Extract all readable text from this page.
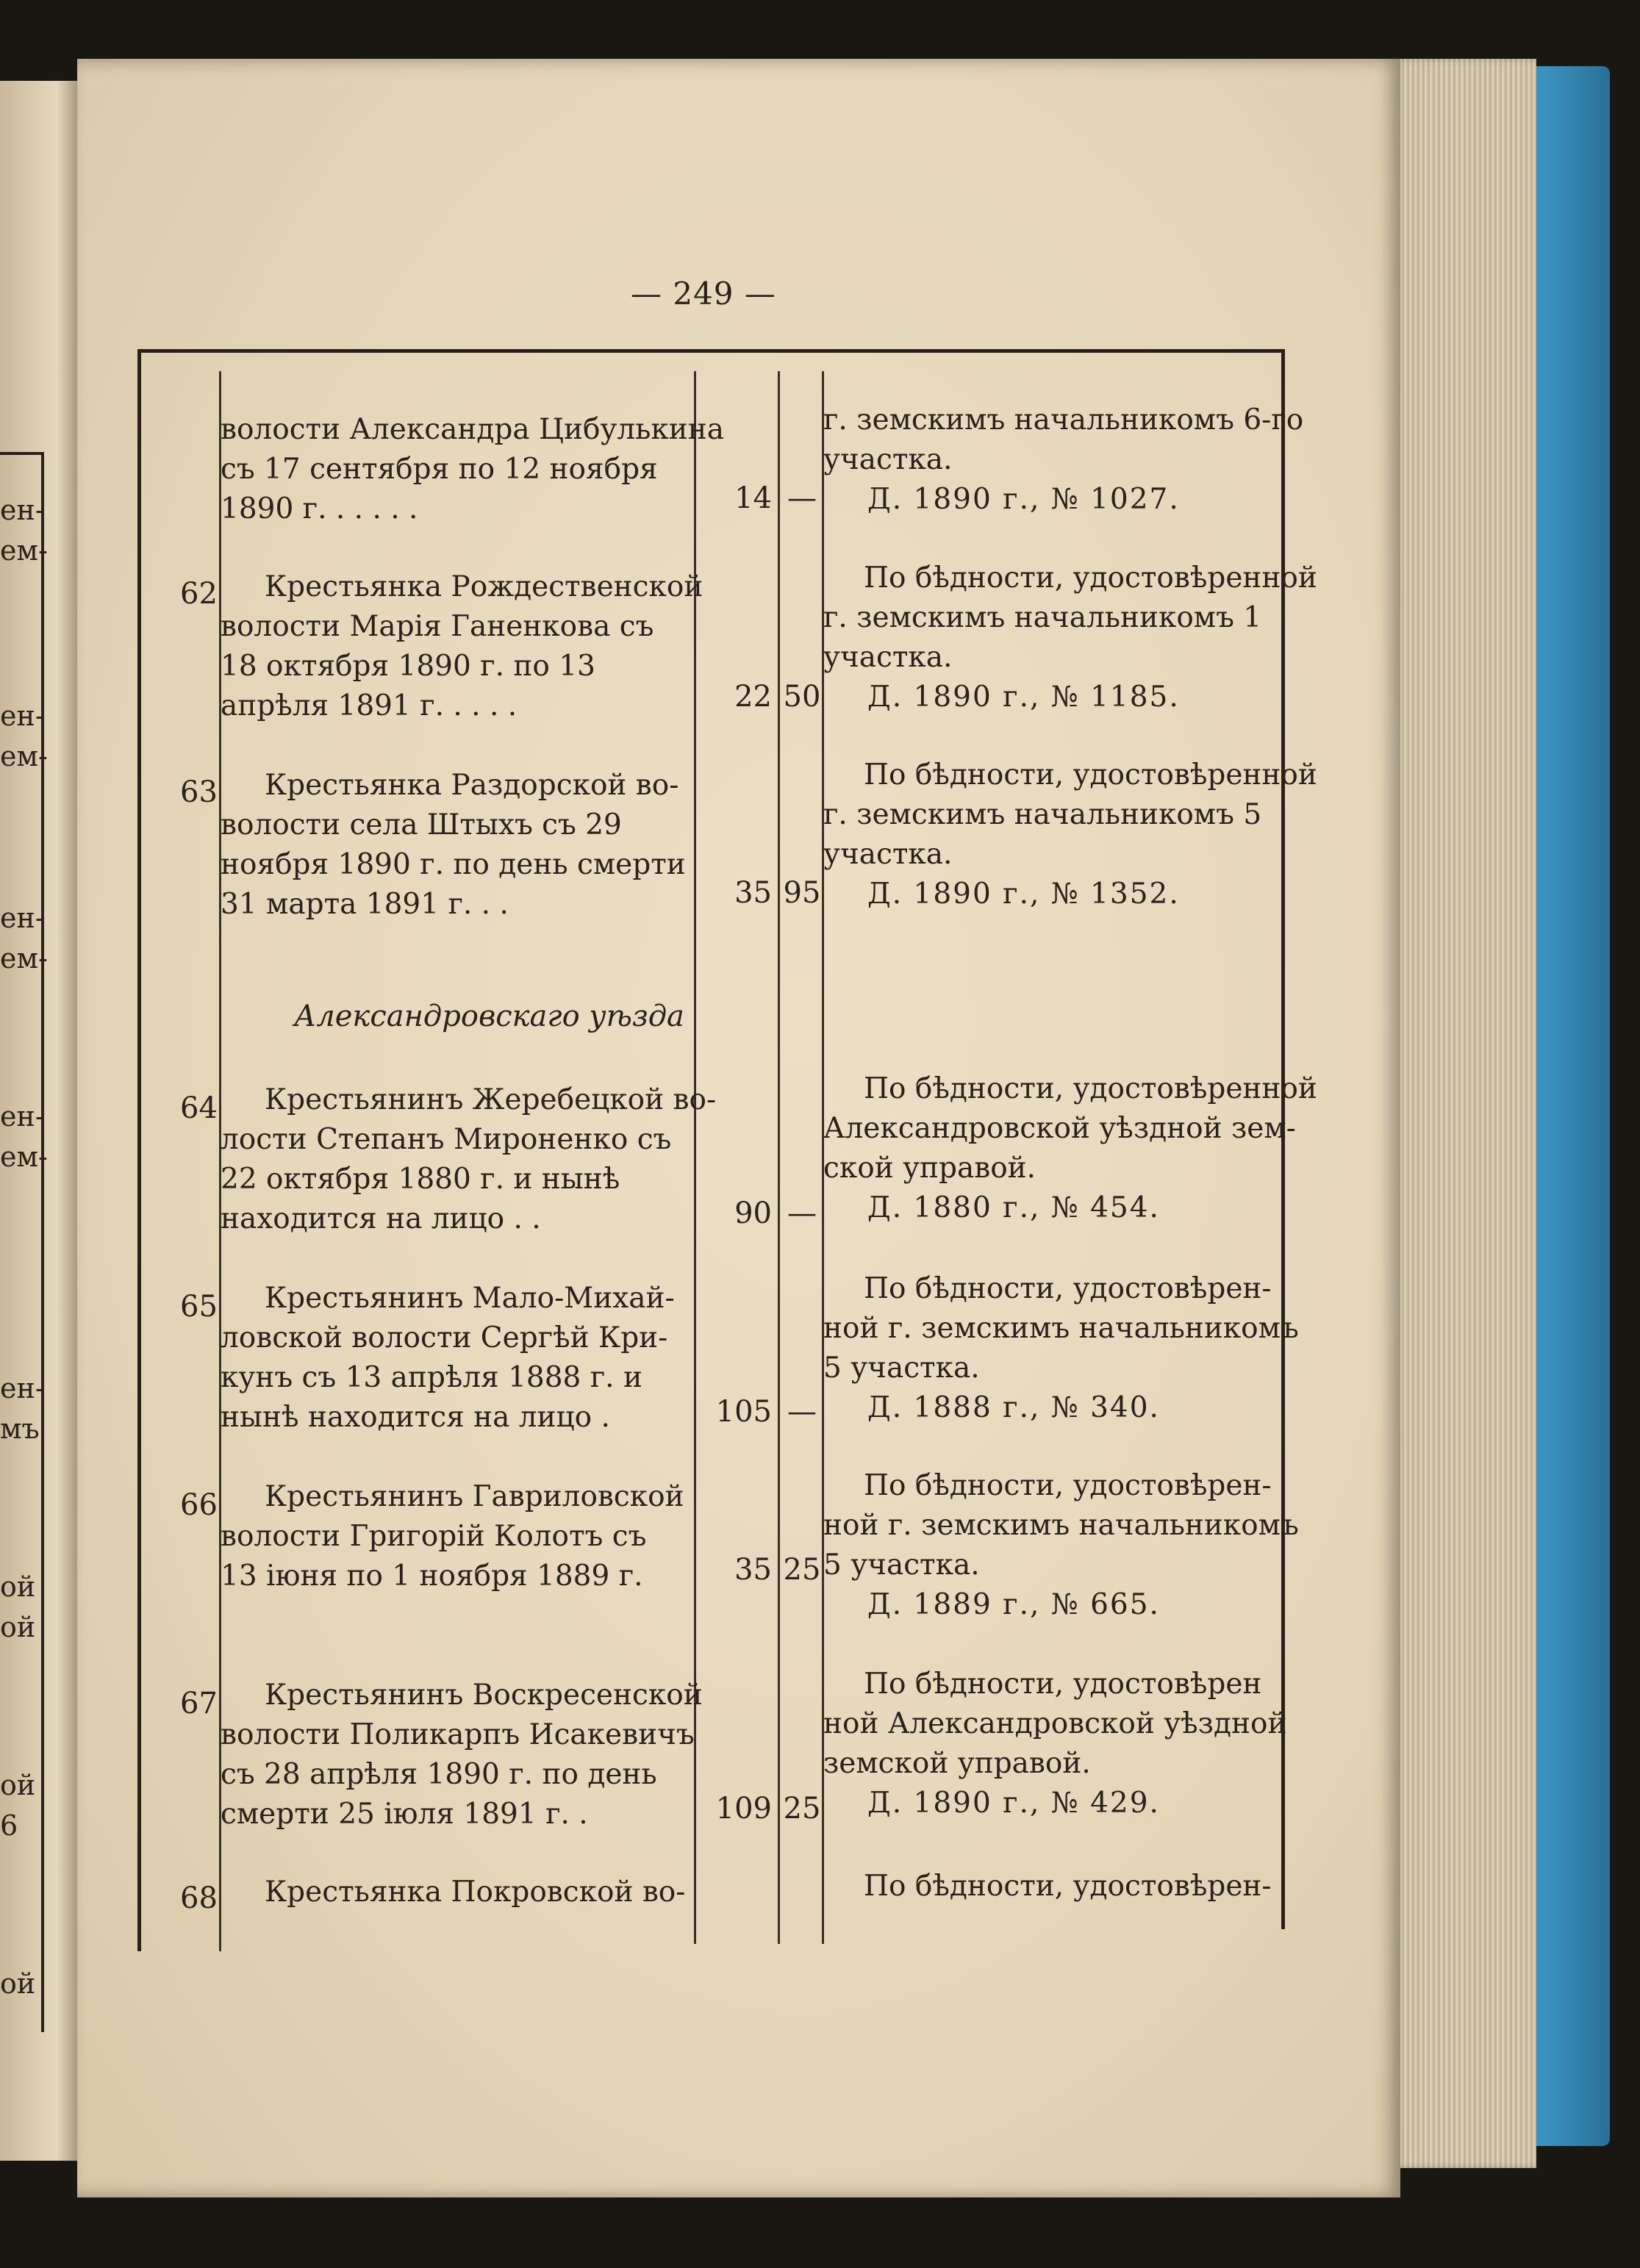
ен-
ем-
ен-
ем-
ен-
ем-
ен-
ем-
ен-
мъ
ой
ой
ой
6
ой
— 249 —
волости Александра Цибулькина
съ 17 сентября по 12 ноября
1890 г. . . . . .	14 —
г. земскимъ начальникомъ 6-го
участка.
Д. 1890 г., № 1027.
62	Крестьянка Рождественской
волости Марія Ганенкова съ
18 октября 1890 г. по 13
апрѣля 1891 г. . . . .	22 50
По бѣдности, удостовѣренной
г. земскимъ начальникомъ 1
участка.
Д. 1890 г., № 1185.
63	Крестьянка Раздорской во-
волости села Штыхъ съ 29
ноября 1890 г. по день смерти
31 марта 1891 г. . .	35 95
По бѣдности, удостовѣренной
г. земскимъ начальникомъ 5
участка.
Д. 1890 г., № 1352.
Александровскаго уѣзда
64	Крестьянинъ Жеребецкой во-
лости Степанъ Мироненко съ
22 октября 1880 г. и нынѣ
находится на лицо . .	90 —
По бѣдности, удостовѣренной
Александровской уѣздной зем-
ской управой.
Д. 1880 г., № 454.
65	Крестьянинъ Мало-Михай-
ловской волости Сергѣй Кри-
кунъ съ 13 апрѣля 1888 г. и
нынѣ находится на лицо .	105 —
По бѣдности, удостовѣрен-
ной г. земскимъ начальникомъ
5 участка.
Д. 1888 г., № 340.
66	Крестьянинъ Гавриловской
волости Григорій Колотъ съ
13 іюня по 1 ноября 1889 г.	35 25
По бѣдности, удостовѣрен-
ной г. земскимъ начальникомъ
5 участка.
Д. 1889 г., № 665.
67	Крестьянинъ Воскресенской
волости Поликарпъ Исакевичъ
съ 28 апрѣля 1890 г. по день
смерти 25 іюля 1891 г. .	109 25
По бѣдности, удостовѣрен
ной Александровской уѣздной
земской управой.
Д. 1890 г., № 429.
68	Крестьянка Покровской во-	По бѣдности, удостовѣрен-
